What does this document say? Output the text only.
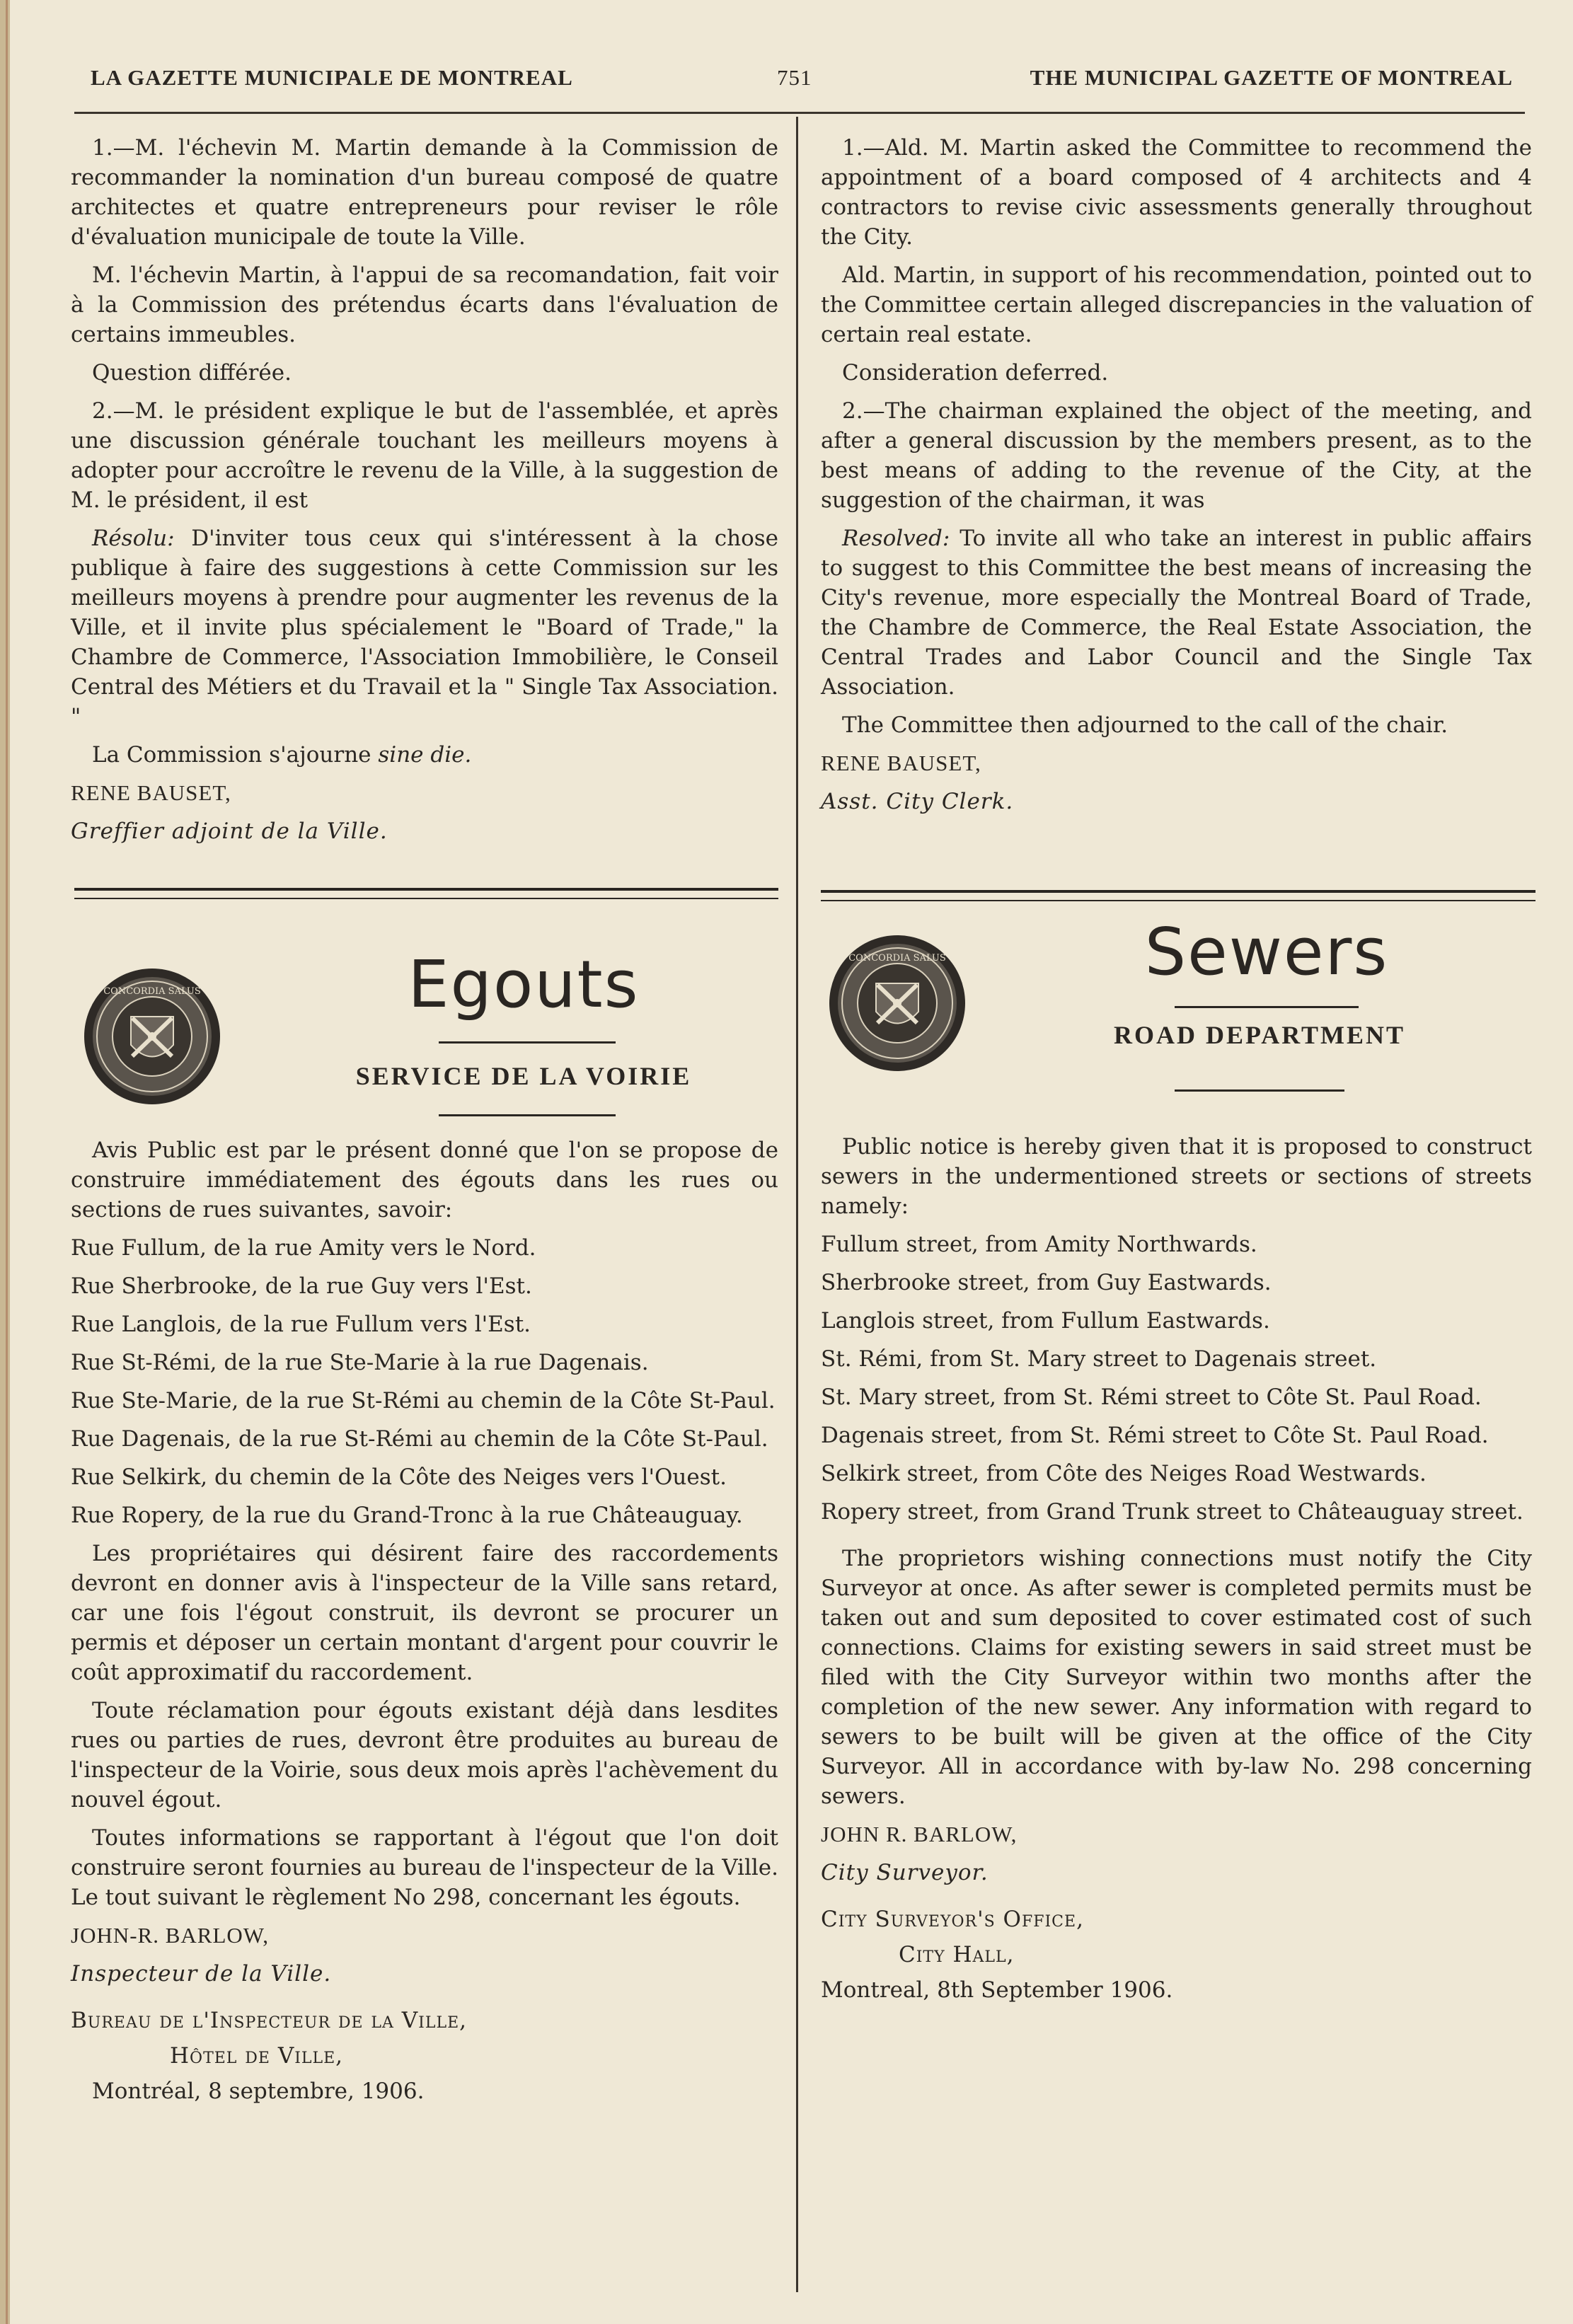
LA GAZETTE MUNICIPALE DE MONTREAL	751	THE MUNICIPAL GAZETTE OF MONTREAL

1.—M. l'échevin M. Martin demande à la Commission de recommander la nomination d'un bureau composé de quatre architectes et quatre entrepreneurs pour reviser le rôle d'évaluation municipale de toute la Ville.

M. l'échevin Martin, à l'appui de sa recomandation, fait voir à la Commission des prétendus écarts dans l'évaluation de certains immeubles.

Question différée.

2.—M. le président explique le but de l'assemblée, et après une discussion générale touchant les meilleurs moyens à adopter pour accroître le revenu de la Ville, à la suggestion de M. le président, il est

Résolu: D'inviter tous ceux qui s'intéressent à la chose publique à faire des suggestions à cette Commission sur les meilleurs moyens à prendre pour augmenter les revenus de la Ville, et il invite plus spécialement le "Board of Trade," la Chambre de Commerce, l'Association Immobilière, le Conseil Central des Métiers et du Travail et la " Single Tax Association. "

La Commission s'ajourne sine die.

RENE BAUSET,

Greffier adjoint de la Ville.

1.—Ald. M. Martin asked the Committee to recommend the appointment of a board composed of 4 architects and 4 contractors to revise civic assessments generally throughout the City.

Ald. Martin, in support of his recommendation, pointed out to the Committee certain alleged discrepancies in the valuation of certain real estate.

Consideration deferred.

2.—The chairman explained the object of the meeting, and after a general discussion by the members present, as to the best means of adding to the revenue of the City, at the suggestion of the chairman, it was

Resolved: To invite all who take an interest in public affairs to suggest to this Committee the best means of increasing the City's revenue, more especially the Montreal Board of Trade, the Chambre de Commerce, the Real Estate Association, the Central Trades and Labor Council and the Single Tax Association.

The Committee then adjourned to the call of the chair.

RENE BAUSET,

Asst. City Clerk.

CONCORDIA SALUS	Egouts
SERVICE DE LA VOIRIE
CONCORDIA SALUS	Sewers
ROAD DEPARTMENT

Avis Public est par le présent donné que l'on se propose de construire immédiatement des égouts dans les rues ou sections de rues suivantes, savoir:

Rue Fullum, de la rue Amity vers le Nord.

Rue Sherbrooke, de la rue Guy vers l'Est.

Rue Langlois, de la rue Fullum vers l'Est.

Rue St-Rémi, de la rue Ste-Marie à la rue Dagenais.

Rue Ste-Marie, de la rue St-Rémi au chemin de la Côte St-Paul.

Rue Dagenais, de la rue St-Rémi au chemin de la Côte St-Paul.

Rue Selkirk, du chemin de la Côte des Neiges vers l'Ouest.

Rue Ropery, de la rue du Grand-Tronc à la rue Châteauguay.

Les propriétaires qui désirent faire des raccordements devront en donner avis à l'inspecteur de la Ville sans retard, car une fois l'égout construit, ils devront se procurer un permis et déposer un certain montant d'argent pour couvrir le coût approximatif du raccordement.

Toute réclamation pour égouts existant déjà dans lesdites rues ou parties de rues, devront être produites au bureau de l'inspecteur de la Voirie, sous deux mois après l'achèvement du nouvel égout.

Toutes informations se rapportant à l'égout que l'on doit construire seront fournies au bureau de l'inspecteur de la Ville. Le tout suivant le règlement No 298, concernant les égouts.

JOHN-R. BARLOW,

Inspecteur de la Ville.

Bureau de l'Inspecteur de la Ville,
Hôtel de Ville,
Montréal, 8 septembre, 1906.

Public notice is hereby given that it is proposed to construct sewers in the undermentioned streets or sections of streets namely:

Fullum street, from Amity Northwards.

Sherbrooke street, from Guy Eastwards.

Langlois street, from Fullum Eastwards.

St. Rémi, from St. Mary street to Dagenais street.

St. Mary street, from St. Rémi street to Côte St. Paul Road.

Dagenais street, from St. Rémi street to Côte St. Paul Road.

Selkirk street, from Côte des Neiges Road Westwards.

Ropery street, from Grand Trunk street to Châteauguay street.

The proprietors wishing connections must notify the City Surveyor at once. As after sewer is completed permits must be taken out and sum deposited to cover estimated cost of such connections. Claims for existing sewers in said street must be filed with the City Surveyor within two months after the completion of the new sewer. Any information with regard to sewers to be built will be given at the office of the City Surveyor. All in accordance with by-law No. 298 concerning sewers.

JOHN R. BARLOW,

City Surveyor.

City Surveyor's Office,
City Hall,
Montreal, 8th September 1906.
